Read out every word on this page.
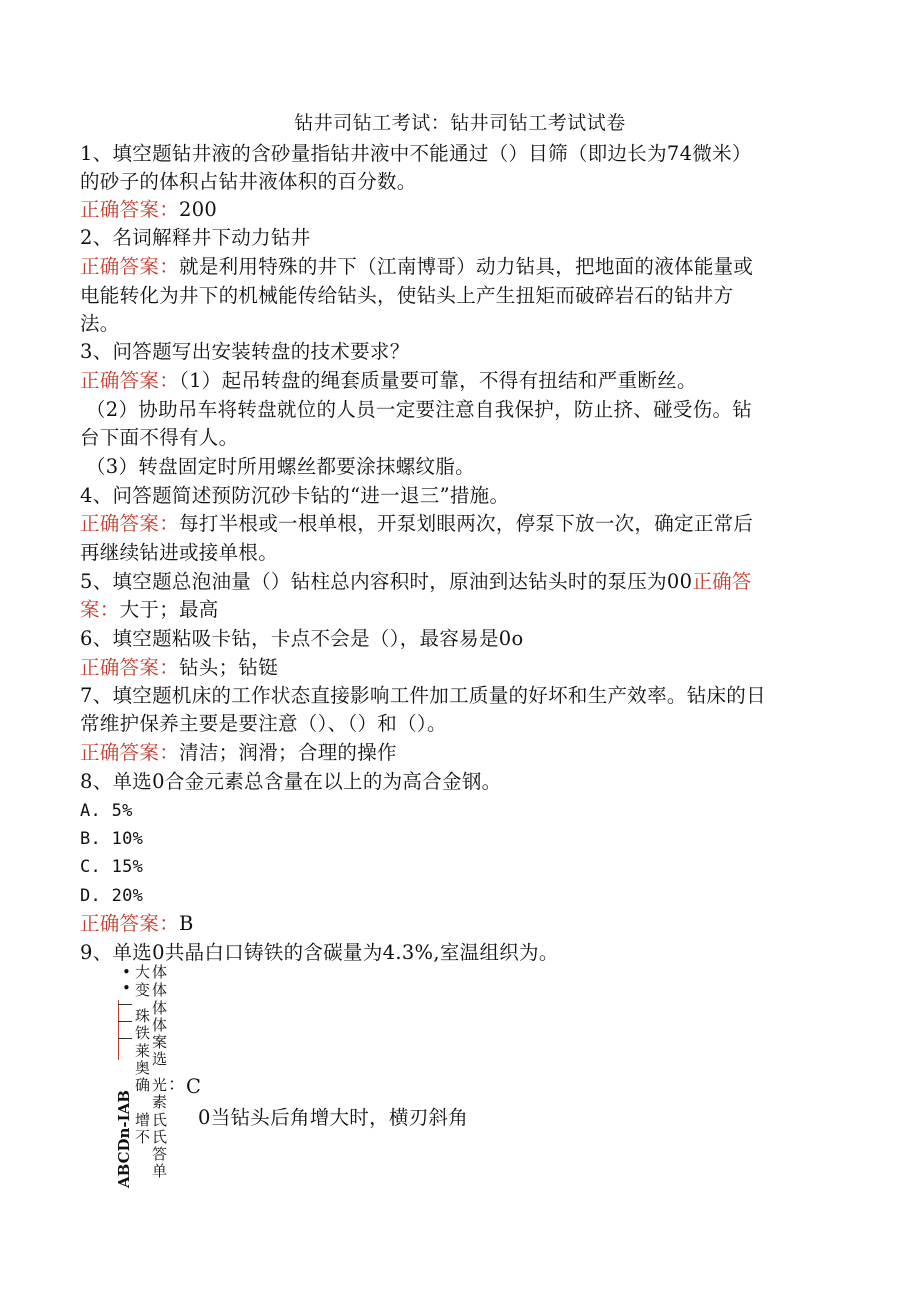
钻井司钻工考试：钻井司钻工考试试卷
1、填空题钻井液的含砂量指钻井液中不能通过（）目筛（即边长为74微米）
的砂子的体积占钻井液体积的百分数。
正确答案：200
2、名词解释井下动力钻井
正确答案：就是利用特殊的井下（江南博哥）动力钻具，把地面的液体能量或
电能转化为井下的机械能传给钻头，使钻头上产生扭矩而破碎岩石的钻井方
法。
3、问答题写出安装转盘的技术要求？
正确答案：（1）起吊转盘的绳套质量要可靠，不得有扭结和严重断丝。
（2）协助吊车将转盘就位的人员一定要注意自我保护，防止挤、碰受伤。钻
台下面不得有人。
（3）转盘固定时所用螺丝都要涂抹螺纹脂。
4、问答题简述预防沉砂卡钻的“进一退三”措施。
正确答案：每打半根或一根单根，开泵划眼两次，停泵下放一次，确定正常后
再继续钻进或接单根。
5、填空题总泡油量（）钻柱总内容积时，原油到达钻头时的泵压为00正确答
案：大于；最高
6、填空题粘吸卡钻，卡点不会是（），最容易是0o
正确答案：钻头；钻铤
7、填空题机床的工作状态直接影响工件加工质量的好坏和生产效率。钻床的日
常维护保养主要是要注意（）、（）和（）。
正确答案：清洁；润滑；合理的操作
8、单选0合金元素总含量在以上的为高合金钢。
A. 5%
B. 10%
C. 15%
D. 20%
正确答案：B
9、单选0共晶白口铸铁的含碳量为4.3%,室温组织为。
•
•
大
变
珠
铁
莱
奥
确
增
不
体
体
体
体
案
选
光
素
氏
氏
答
单
： C
ABCDn-IAB	0当钻头后角增大时，横刃斜角
